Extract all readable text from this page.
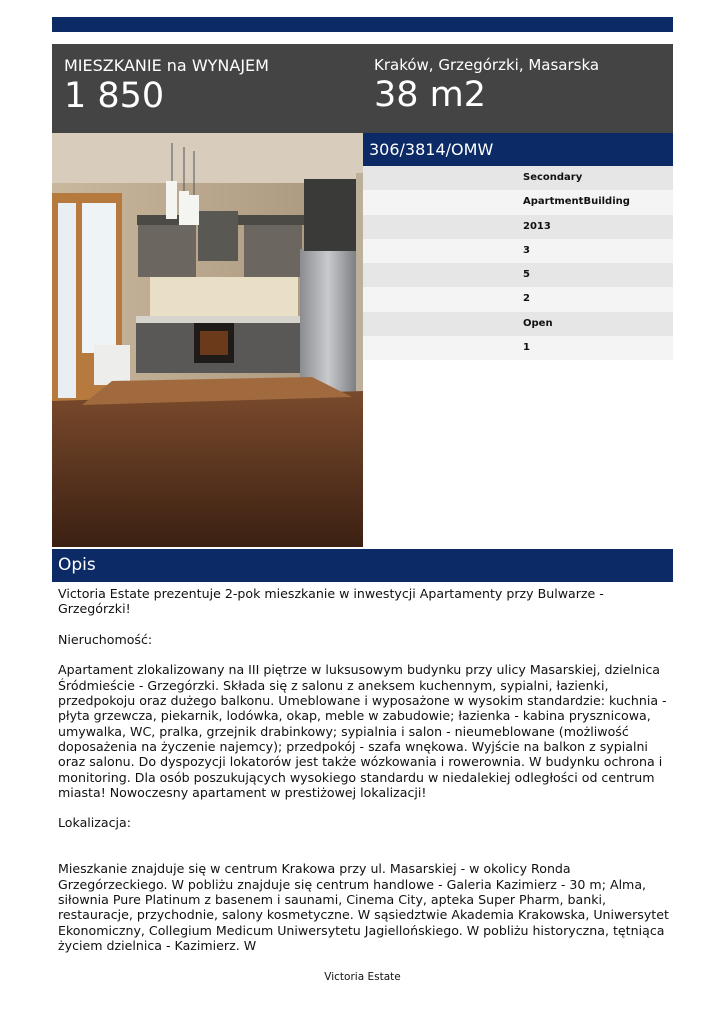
MIESZKANIE na WYNAJEM
1 850
Kraków, Grzegórzki, Masarska
38 m2
306/3814/OMW
Secondary
ApartmentBuilding
2013
3
5
2
Open
1
Opis

Victoria Estate prezentuje 2-pok mieszkanie w inwestycji Apartamenty przy Bulwarze - Grzegórzki!

Nieruchomość:

Apartament zlokalizowany na III piętrze w luksusowym budynku przy ulicy Masarskiej, dzielnica Śródmieście - Grzegórzki. Składa się z salonu z aneksem kuchennym, sypialni, łazienki, przedpokoju oraz dużego balkonu. Umeblowane i wyposażone w wysokim standardzie: kuchnia - płyta grzewcza, piekarnik, lodówka, okap, meble w zabudowie; łazienka - kabina prysznicowa, umywalka, WC, pralka, grzejnik drabinkowy; sypialnia i salon - nieumeblowane (możliwość doposażenia na życzenie najemcy); przedpokój - szafa wnękowa. Wyjście na balkon z sypialni oraz salonu. Do dyspozycji lokatorów jest także wózkowania i rowerownia. W budynku ochrona i monitoring. Dla osób poszukujących wysokiego standardu w niedalekiej odległości od centrum miasta! Nowoczesny apartament w prestiżowej lokalizacji!

Lokalizacja:

Mieszkanie znajduje się w centrum Krakowa przy ul. Masarskiej - w okolicy Ronda Grzegórzeckiego. W pobliżu znajduje się centrum handlowe - Galeria Kazimierz - 30 m; Alma, siłownia Pure Platinum z basenem i saunami, Cinema City, apteka Super Pharm, banki, restauracje, przychodnie, salony kosmetyczne. W sąsiedztwie Akademia Krakowska, Uniwersytet Ekonomiczny, Collegium Medicum Uniwersytetu Jagiellońskiego. W pobliżu historyczna, tętniąca życiem dzielnica - Kazimierz. W

Victoria Estate
